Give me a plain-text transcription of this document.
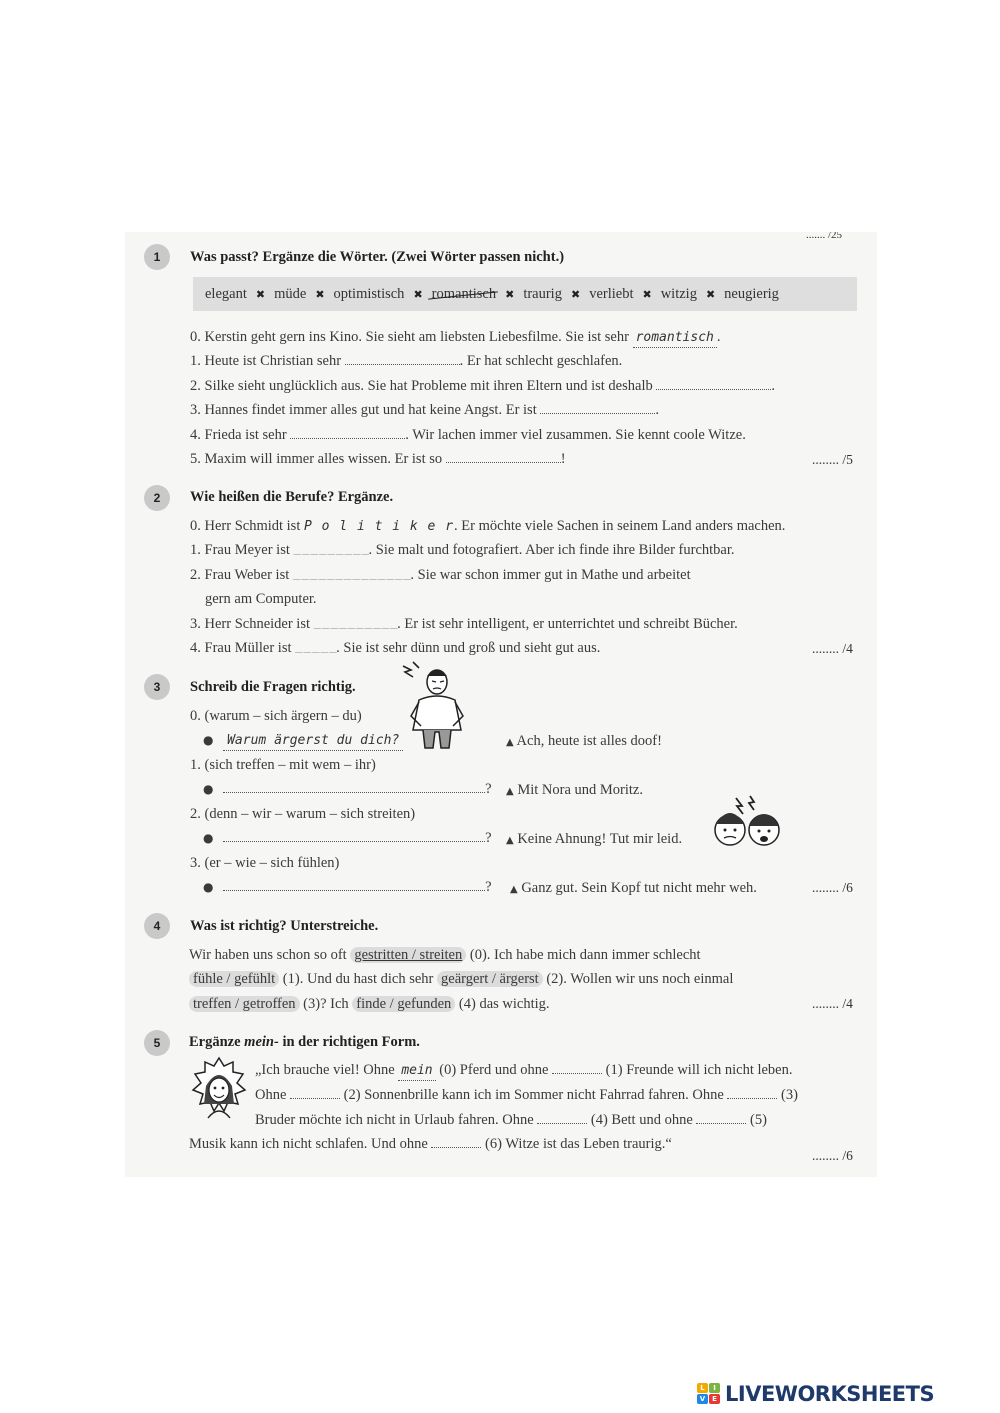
....... /25
1	Was passt? Ergänze die Wörter. (Zwei Wörter passen nicht.)
elegant ✖ müde ✖ optimistisch ✖ romantisch ✖ traurig ✖ verliebt ✖ witzig ✖ neugierig
0. Kerstin geht gern ins Kino. Sie sieht am liebsten Liebesfilme. Sie ist sehr romantisch .
1. Heute ist Christian sehr	. Er hat schlecht geschlafen.
2. Silke sieht unglücklich aus. Sie hat Probleme mit ihren Eltern und ist deshalb	.
3. Hannes findet immer alles gut und hat keine Angst. Er ist	.
4. Frieda ist sehr	. Wir lachen immer viel zusammen. Sie kennt coole Witze.
5. Maxim will immer alles wissen. Er ist so	!	........ /5
2	Wie heißen die Berufe? Ergänze.
0. Herr Schmidt ist P o l i t i k e r. Er möchte viele Sachen in seinem Land anders machen.
1. Frau Meyer ist __ __ __ __ __ __ __ __ __. Sie malt und fotografiert. Aber ich finde ihre Bilder furchtbar.
2. Frau Weber ist __ __ __ __ __ __ __ __ __ __ __ __ __ __. Sie war schon immer gut in Mathe und arbeitet
gern am Computer.
3. Herr Schneider ist __ __ __ __ __ __ __ __ __ __. Er ist sehr intelligent, er unterrichtet und schreibt Bücher.
4. Frau Müller ist __ __ __ __ __. Sie ist sehr dünn und groß und sieht gut aus.	........ /4
3	Schreib die Fragen richtig.
0. (warum – sich ärgern – du)
● Warum ärgerst du dich?	▲ Ach, heute ist alles doof!
1. (sich treffen – mit wem – ihr)
●	? ▲ Mit Nora und Moritz.
2. (denn – wir – warum – sich streiten)
●	? ▲ Keine Ahnung! Tut mir leid.
3. (er – wie – sich fühlen)
●	? ▲ Ganz gut. Sein Kopf tut nicht mehr weh.	........ /6
4	Was ist richtig? Unterstreiche.
Wir haben uns schon so oft gestritten / streiten (0). Ich habe mich dann immer schlecht
fühle / gefühlt (1). Und du hast dich sehr geärgert / ärgerst (2). Wollen wir uns noch einmal
treffen / getroffen (3)? Ich finde / gefunden (4) das wichtig.	........ /4
5	Ergänze mein- in der richtigen Form.
„Ich brauche viel! Ohne mein (0) Pferd und ohne	(1) Freunde will ich nicht leben.
Ohne	(2) Sonnenbrille kann ich im Sommer nicht Fahrrad fahren. Ohne	(3)
Bruder möchte ich nicht in Urlaub fahren. Ohne	(4) Bett und ohne	(5)
Musik kann ich nicht schlafen. Und ohne	(6) Witze ist das Leben traurig.“
........ /6
L	I
V E LIVEWORKSHEETS
